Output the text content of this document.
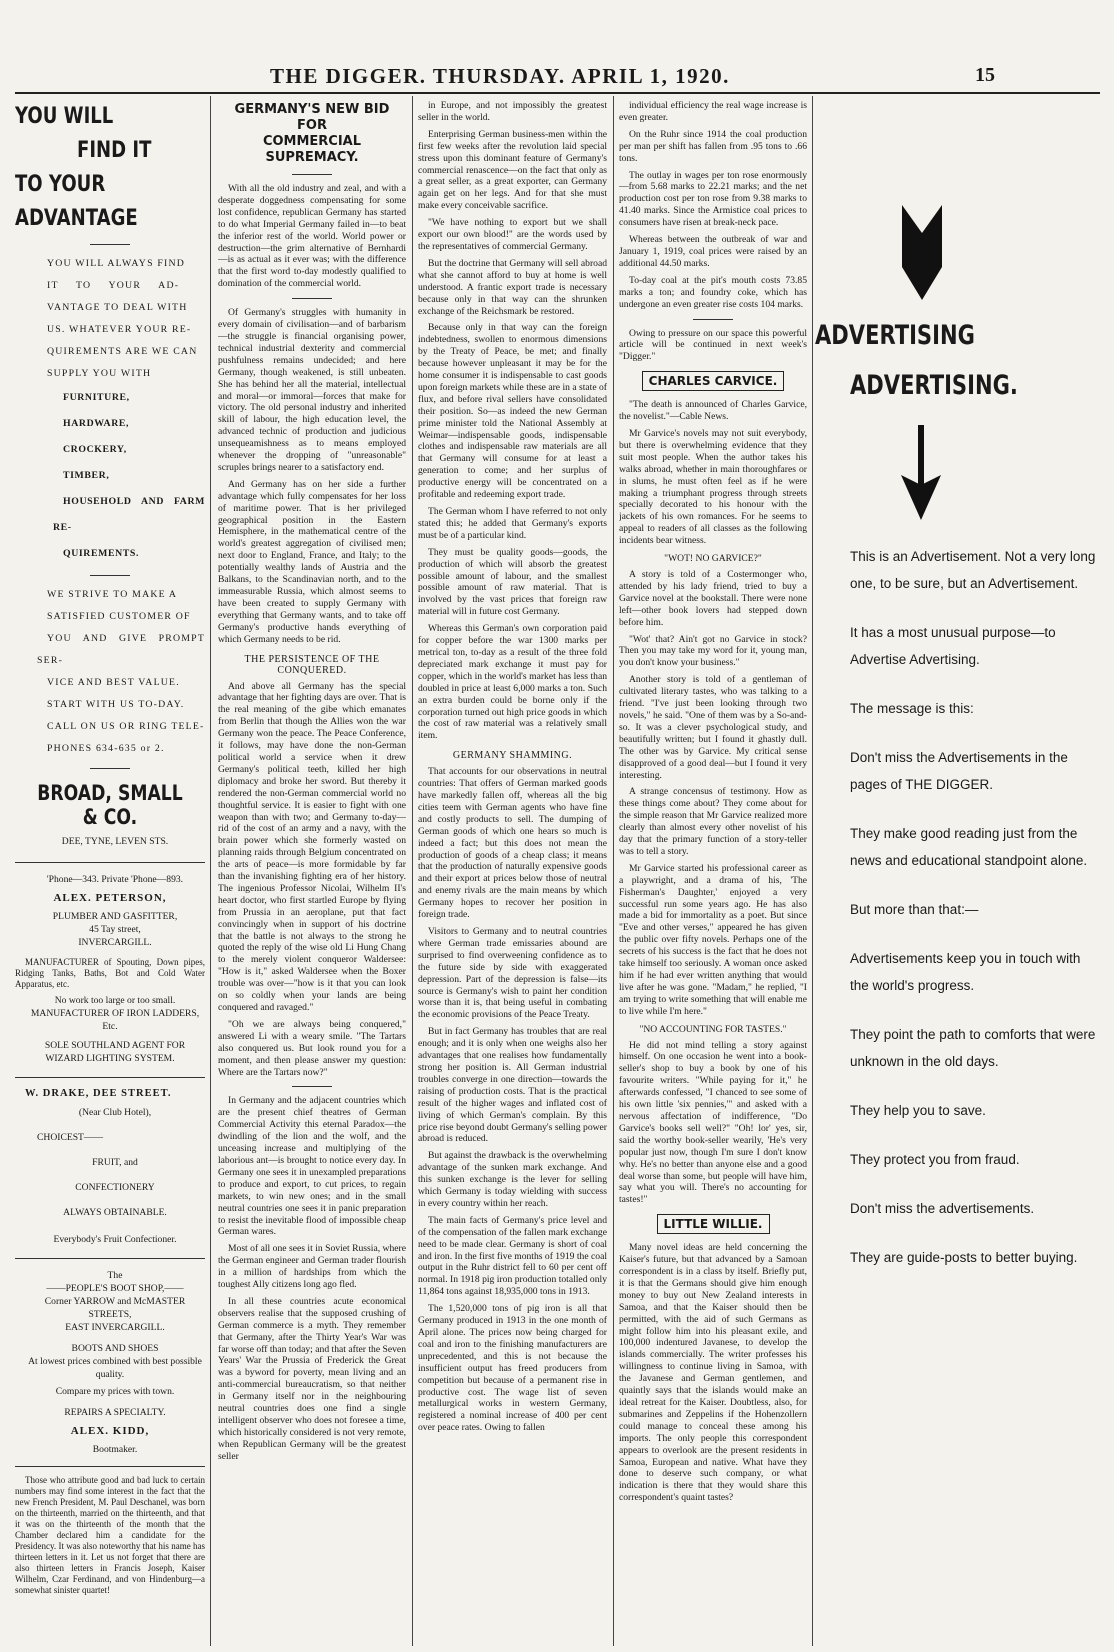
THE DIGGER. THURSDAY. APRIL 1, 1920.	15
YOU WILL
FIND IT
TO YOUR ADVANTAGE

YOU WILL ALWAYS FIND

IT TO YOUR AD-

VANTAGE TO DEAL WITH

US. WHATEVER YOUR RE-

QUIREMENTS ARE WE CAN

SUPPLY YOU WITH

FURNITURE,

HARDWARE,

CROCKERY,

TIMBER,

HOUSEHOLD AND FARM RE-

QUIREMENTS.

WE STRIVE TO MAKE A

SATISFIED CUSTOMER OF

YOU AND GIVE PROMPT SER-

VICE AND BEST VALUE.

START WITH US TO-DAY.

CALL ON US OR RING TELE-

PHONES 634-635 or 2.

BROAD, SMALL & CO.

DEE, TYNE, LEVEN STS.

'Phone—343. Private 'Phone—893.

ALEX. PETERSON,

PLUMBER AND GASFITTER,

45 Tay street,

INVERCARGILL.

MANUFACTURER of Spouting, Down pipes, Ridging Tanks, Baths, Bot and Cold Water Apparatus, etc.

No work too large or too small.

MANUFACTURER OF IRON LADDERS, Etc.

SOLE SOUTHLAND AGENT FOR WIZARD LIGHTING SYSTEM.

W. DRAKE, DEE STREET.

(Near Club Hotel),

CHOICEST——

FRUIT, and

CONFECTIONERY

ALWAYS OBTAINABLE.

Everybody's Fruit Confectioner.

The

——PEOPLE'S BOOT SHOP,——

Corner YARROW and McMASTER STREETS,

EAST INVERCARGILL.

BOOTS AND SHOES

At lowest prices combined with best possible quality.

Compare my prices with town.

REPAIRS A SPECIALTY.

ALEX. KIDD,

Bootmaker.

Those who attribute good and bad luck to certain numbers may find some interest in the fact that the new French President, M. Paul Deschanel, was born on the thirteenth, married on the thirteenth, and that it was on the thirteenth of the month that the Chamber declared him a candidate for the Presidency. It was also noteworthy that his name has thirteen letters in it. Let us not forget that there are also thirteen letters in Francis Joseph, Kaiser Wilhelm, Czar Ferdinand, and von Hindenburg—a somewhat sinister quartet!

GERMANY'S NEW BID FOR
COMMERCIAL SUPREMACY.

With all the old industry and zeal, and with a desperate doggedness compensating for some lost confidence, republican Germany has started to do what Imperial Germany failed in—to beat the inferior rest of the world. World power or destruction—the grim alternative of Bernhardi—is as actual as it ever was; with the difference that the first word to-day modestly qualified to domination of the commercial world.

Of Germany's struggles with humanity in every domain of civilisation—and of barbarism—the struggle is financial organising power, technical industrial dexterity and commercial pushfulness remains undecided; and here Germany, though weakened, is still unbeaten. She has behind her all the material, intellectual and moral—or immoral—forces that make for victory. The old personal industry and inherited skill of labour, the high education level, the advanced technic of production and judicious unsequeamishness as to means employed whenever the dropping of "unreasonable" scruples brings nearer to a satisfactory end.

And Germany has on her side a further advantage which fully compensates for her loss of maritime power. That is her privileged geographical position in the Eastern Hemisphere, in the mathematical centre of the world's greatest aggregation of civilised men; next door to England, France, and Italy; to the potentially wealthy lands of Austria and the Balkans, to the Scandinavian north, and to the immeasurable Russia, which almost seems to have been created to supply Germany with everything that Germany wants, and to take off Germany's productive hands everything of which Germany needs to be rid.

THE PERSISTENCE OF THE CONQUERED.

And above all Germany has the special advantage that her fighting days are over. That is the real meaning of the gibe which emanates from Berlin that though the Allies won the war Germany won the peace. The Peace Conference, it follows, may have done the non-German political world a service when it drew Germany's political teeth, killed her high diplomacy and broke her sword. But thereby it rendered the non-German commercial world no thoughtful service. It is easier to fight with one weapon than with two; and Germany to-day—rid of the cost of an army and a navy, with the brain power which she formerly wasted on planning raids through Belgium concentrated on the arts of peace—is more formidable by far than the invanishing fighting era of her history. The ingenious Professor Nicolai, Wilhelm II's heart doctor, who first startled Europe by flying from Prussia in an aeroplane, put that fact convincingly when in support of his doctrine that the battle is not always to the strong he quoted the reply of the wise old Li Hung Chang to the merely violent conqueror Waldersee: "How is it," asked Waldersee when the Boxer trouble was over—"how is it that you can look on so coldly when your lands are being conquered and ravaged."

"Oh we are always being conquered," answered Li with a weary smile. "The Tartars also conquered us. But look round you for a moment, and then please answer my question: Where are the Tartars now?"

In Germany and the adjacent countries which are the present chief theatres of German Commercial Activity this eternal Paradox—the dwindling of the lion and the wolf, and the unceasing increase and multiplying of the laborious ant—is brought to notice every day. In Germany one sees it in unexampled preparations to produce and export, to cut prices, to regain markets, to win new ones; and in the small neutral countries one sees it in panic preparation to resist the inevitable flood of impossible cheap German wares.

Most of all one sees it in Soviet Russia, where the German engineer and German trader flourish in a million of hardships from which the toughest Ally citizens long ago fled.

In all these countries acute economical observers realise that the supposed crushing of German commerce is a myth. They remember that Germany, after the Thirty Year's War was far worse off than today; and that after the Seven Years' War the Prussia of Frederick the Great was a byword for poverty, mean living and an anti-commercial bureaucratism, so that neither in Germany itself nor in the neighbouring neutral countries does one find a single intelligent observer who does not foresee a time, which historically considered is not very remote, when Republican Germany will be the greatest seller

in Europe, and not impossibly the greatest seller in the world.

Enterprising German business-men within the first few weeks after the revolution laid special stress upon this dominant feature of Germany's commercial renascence—on the fact that only as a great seller, as a great exporter, can Germany again get on her legs. And for that she must make every conceivable sacrifice.

"We have nothing to export but we shall export our own blood!" are the words used by the representatives of commercial Germany.

But the doctrine that Germany will sell abroad what she cannot afford to buy at home is well understood. A frantic export trade is necessary because only in that way can the shrunken exchange of the Reichsmark be restored.

Because only in that way can the foreign indebtedness, swollen to enormous dimensions by the Treaty of Peace, be met; and finally because however unpleasant it may be for the home consumer it is indispensable to cast goods upon foreign markets while these are in a state of flux, and before rival sellers have consolidated their position. So—as indeed the new German prime minister told the National Assembly at Weimar—indispensable goods, indispensable clothes and indispensable raw materials are all that Germany will consume for at least a generation to come; and her surplus of productive energy will be concentrated on a profitable and redeeming export trade.

The German whom I have referred to not only stated this; he added that Germany's exports must be of a particular kind.

They must be quality goods—goods, the production of which will absorb the greatest possible amount of labour, and the smallest possible amount of raw material. That is involved by the vast prices that foreign raw material will in future cost Germany.

Whereas this German's own corporation paid for copper before the war 1300 marks per metrical ton, to-day as a result of the three fold depreciated mark exchange it must pay for copper, which in the world's market has less than doubled in price at least 6,000 marks a ton. Such an extra burden could be borne only if the corporation turned out high price goods in which the cost of raw material was a relatively small item.

GERMANY SHAMMING.

That accounts for our observations in neutral countries: That offers of German marked goods have markedly fallen off, whereas all the big cities teem with German agents who have fine and costly products to sell. The dumping of German goods of which one hears so much is indeed a fact; but this does not mean the production of goods of a cheap class; it means that the production of naturally expensive goods and their export at prices below those of neutral and enemy rivals are the main means by which Germany hopes to recover her position in foreign trade.

Visitors to Germany and to neutral countries where German trade emissaries abound are surprised to find overweening confidence as to the future side by side with exaggerated depression. Part of the depression is false—its source is Germany's wish to paint her condition worse than it is, that being useful in combating the economic provisions of the Peace Treaty.

But in fact Germany has troubles that are real enough; and it is only when one weighs also her advantages that one realises how fundamentally strong her position is. All German industrial troubles converge in one direction—towards the raising of production costs. That is the practical result of the higher wages and inflated cost of living of which German's complain. By this price rise beyond doubt Germany's selling power abroad is reduced.

But against the drawback is the overwhelming advantage of the sunken mark exchange. And this sunken exchange is the lever for selling which Germany is today wielding with success in every country within her reach.

The main facts of Germany's price level and of the compensation of the fallen mark exchange need to be made clear. Germany is short of coal and iron. In the first five months of 1919 the coal output in the Ruhr district fell to 60 per cent off normal. In 1918 pig iron production totalled only 11,864 tons against 18,935,000 tons in 1913.

The 1,520,000 tons of pig iron is all that Germany produced in 1913 in the one month of April alone. The prices now being charged for coal and iron to the finishing manufacturers are unprecedented, and this is not because the insufficient output has freed producers from competition but because of a permanent rise in productive cost. The wage list of seven metallurgical works in western Germany, registered a nominal increase of 400 per cent over peace rates. Owing to fallen

individual efficiency the real wage increase is even greater.

On the Ruhr since 1914 the coal production per man per shift has fallen from .95 tons to .66 tons.

The outlay in wages per ton rose enormously—from 5.68 marks to 22.21 marks; and the net production cost per ton rose from 9.38 marks to 41.40 marks. Since the Armistice coal prices to consumers have risen at break-neck pace.

Whereas between the outbreak of war and January 1, 1919, coal prices were raised by an additional 44.50 marks.

To-day coal at the pit's mouth costs 73.85 marks a ton; and foundry coke, which has undergone an even greater rise costs 104 marks.

Owing to pressure on our space this powerful article will be continued in next week's "Digger."

CHARLES CARVICE.

"The death is announced of Charles Garvice, the novelist."—Cable News.

Mr Garvice's novels may not suit everybody, but there is overwhelming evidence that they suit most people. When the author takes his walks abroad, whether in main thoroughfares or in slums, he must often feel as if he were making a triumphant progress through streets specially decorated to his honour with the jackets of his own romances. For he seems to appeal to readers of all classes as the following incidents bear witness.

"WOT! NO GARVICE?"

A story is told of a Costermonger who, attended by his lady friend, tried to buy a Garvice novel at the bookstall. There were none left—other book lovers had stepped down before him.

"Wot' that? Ain't got no Garvice in stock? Then you may take my word for it, young man, you don't know your business."

Another story is told of a gentleman of cultivated literary tastes, who was talking to a friend. "I've just been looking through two novels," he said. "One of them was by a So-and-so. It was a clever psychological study, and beautifully written; but I found it ghastly dull. The other was by Garvice. My critical sense disapproved of a good deal—but I found it very interesting.

A strange concensus of testimony. How as these things come about? They come about for the simple reason that Mr Garvice realized more clearly than almost every other novelist of his day that the primary function of a story-teller was to tell a story.

Mr Garvice started his professional career as a playwright, and a drama of his, 'The Fisherman's Daughter,' enjoyed a very successful run some years ago. He has also made a bid for immortality as a poet. But since "Eve and other verses," appeared he has given the public over fifty novels. Perhaps one of the secrets of his success is the fact that he does not take himself too seriously. A woman once asked him if he had ever written anything that would live after he was gone. "Madam," he replied, "I am trying to write something that will enable me to live while I'm here."

"NO ACCOUNTING FOR TASTES."

He did not mind telling a story against himself. On one occasion he went into a book-seller's shop to buy a book by one of his favourite writers. "While paying for it," he afterwards confessed, "I chanced to see some of his own little 'six pennies,'" and asked with a nervous affectation of indifference, "Do Garvice's books sell well?" "Oh! lor' yes, sir, said the worthy book-seller wearily, 'He's very popular just now, though I'm sure I don't know why. He's no better than anyone else and a good deal worse than some, but people will have him, say what you will. There's no accounting for tastes!"

LITTLE WILLIE.

Many novel ideas are held concerning the Kaiser's future, but that advanced by a Samoan correspondent is in a class by itself. Briefly put, it is that the Germans should give him enough money to buy out New Zealand interests in Samoa, and that the Kaiser should then be permitted, with the aid of such Germans as might follow him into his pleasant exile, and 100,000 indentured Javanese, to develop the islands commercially. The writer professes his willingness to continue living in Samoa, with the Javanese and German gentlemen, and quaintly says that the islands would make an ideal retreat for the Kaiser. Doubtless, also, for submarines and Zeppelins if the Hohenzollern could manage to conceal these among his imports. The only people this correspondent appears to overlook are the present residents in Samoa, European and native. What have they done to deserve such company, or what indication is there that they would share this correspondent's quaint tastes?

ADVERTISING
ADVERTISING.

This is an Advertisement. Not a very long one, to be sure, but an Advertisement.

It has a most unusual purpose—to Advertise Advertising.

The message is this:

Don't miss the Advertisements in the pages of THE DIGGER.

They make good reading just from the news and educational standpoint alone.

But more than that:—

Advertisements keep you in touch with the world's progress.

They point the path to comforts that were unknown in the old days.

They help you to save.

They protect you from fraud.

Don't miss the advertisements.

They are guide-posts to better buying.
